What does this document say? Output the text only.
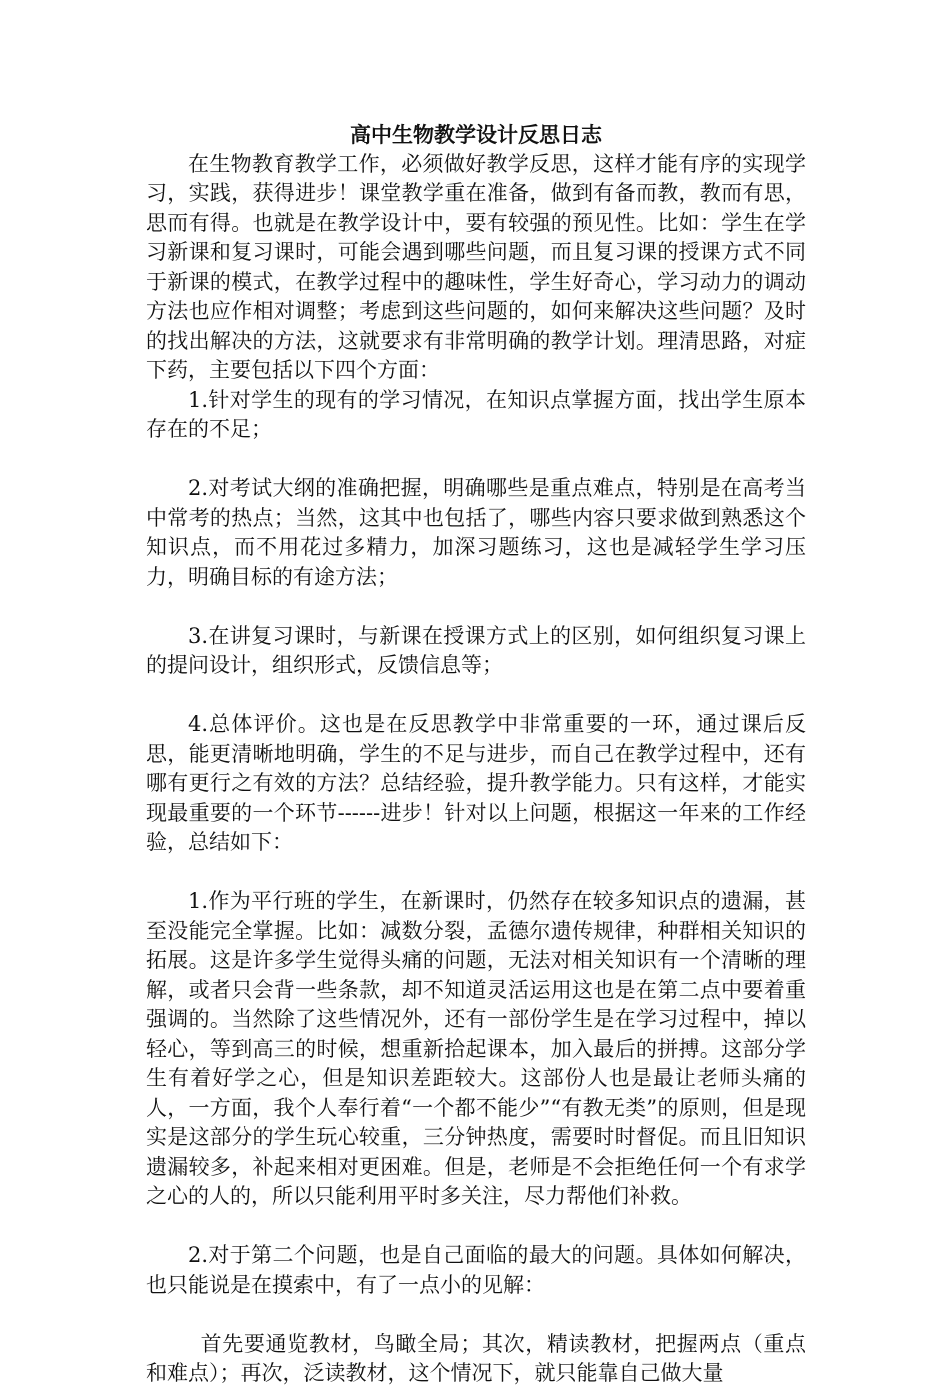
高中生物教学设计反思日志

在生物教育教学工作，必须做好教学反思，这样才能有序的实现学习，实践，获得进步！课堂教学重在准备，做到有备而教，教而有思，思而有得。也就是在教学设计中，要有较强的预见性。比如：学生在学习新课和复习课时，可能会遇到哪些问题，而且复习课的授课方式不同于新课的模式，在教学过程中的趣味性，学生好奇心，学习动力的调动方法也应作相对调整；考虑到这些问题的，如何来解决这些问题？及时的找出解决的方法，这就要求有非常明确的教学计划。理清思路，对症下药，主要包括以下四个方面：

1.针对学生的现有的学习情况，在知识点掌握方面，找出学生原本存在的不足；

2.对考试大纲的准确把握，明确哪些是重点难点，特别是在高考当中常考的热点；当然，这其中也包括了，哪些内容只要求做到熟悉这个知识点，而不用花过多精力，加深习题练习，这也是减轻学生学习压力，明确目标的有途方法；

3.在讲复习课时，与新课在授课方式上的区别，如何组织复习课上的提问设计，组织形式，反馈信息等；

4.总体评价。这也是在反思教学中非常重要的一环，通过课后反思，能更清晰地明确，学生的不足与进步，而自己在教学过程中，还有哪有更行之有效的方法？总结经验，提升教学能力。只有这样，才能实现最重要的一个环节------进步！针对以上问题，根据这一年来的工作经验，总结如下：

1.作为平行班的学生，在新课时，仍然存在较多知识点的遗漏，甚至没能完全掌握。比如：减数分裂，孟德尔遗传规律，种群相关知识的拓展。这是许多学生觉得头痛的问题，无法对相关知识有一个清晰的理解，或者只会背一些条款，却不知道灵活运用这也是在第二点中要着重强调的。当然除了这些情况外，还有一部份学生是在学习过程中，掉以轻心，等到高三的时候，想重新拾起课本，加入最后的拼搏。这部分学生有着好学之心，但是知识差距较大。这部份人也是最让老师头痛的人，一方面，我个人奉行着“一个都不能少”“有教无类”的原则，但是现实是这部分的学生玩心较重，三分钟热度，需要时时督促。而且旧知识遗漏较多，补起来相对更困难。但是，老师是不会拒绝任何一个有求学之心的人的，所以只能利用平时多关注，尽力帮他们补救。

2.对于第二个问题，也是自己面临的最大的问题。具体如何解决，也只能说是在摸索中，有了一点小的见解：

首先要通览教材，鸟瞰全局；其次，精读教材，把握两点（重点和难点）；再次，泛读教材，这个情况下，就只能靠自己做大量
